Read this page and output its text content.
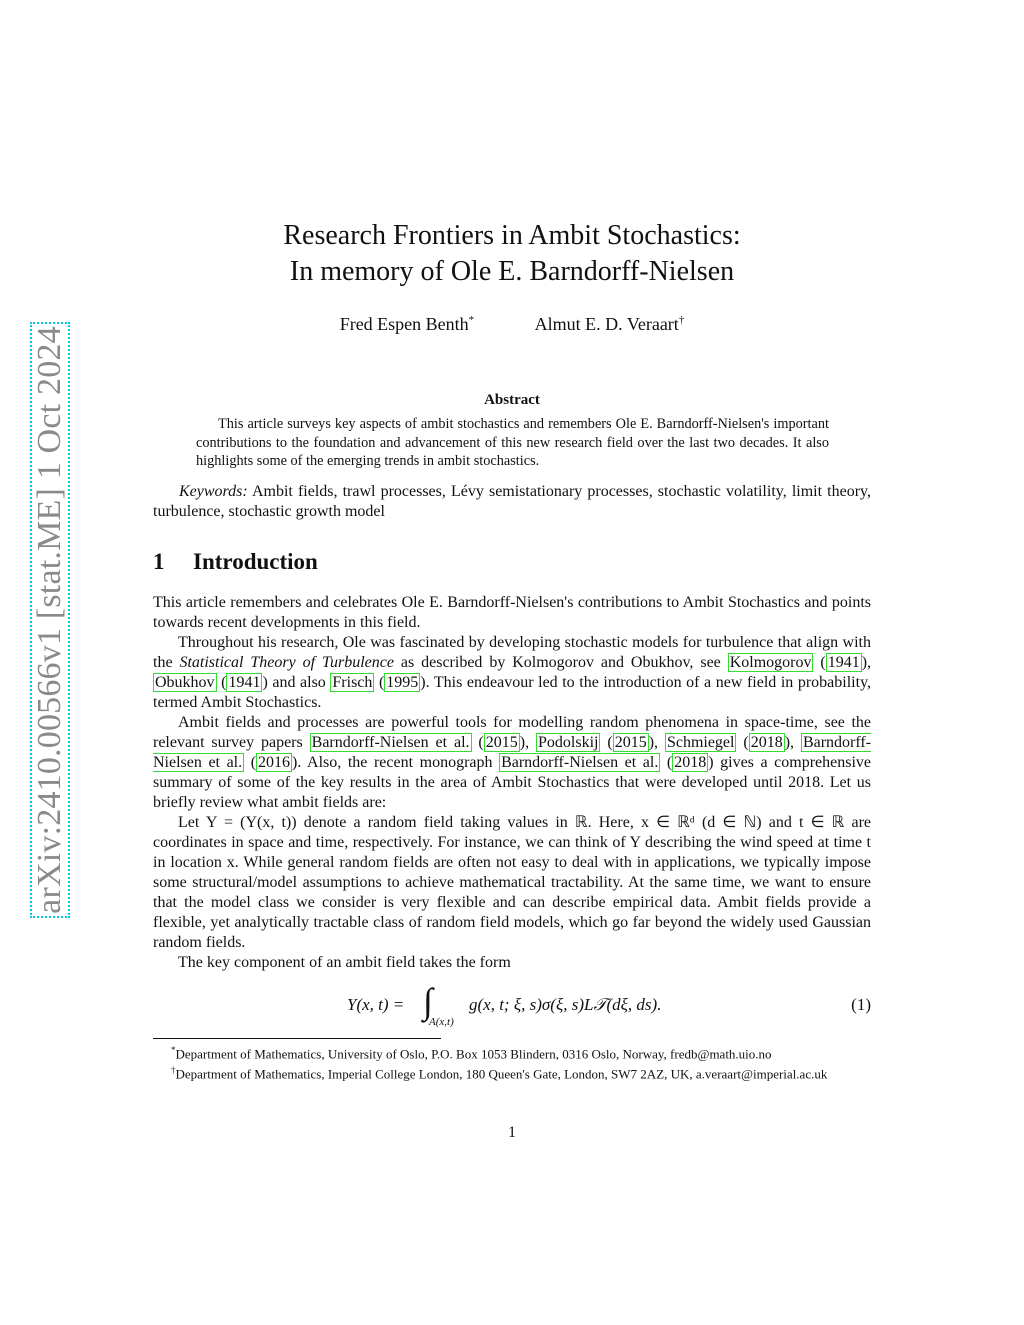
arXiv:2410.00566v1 [stat.ME] 1 Oct 2024
Research Frontiers in Ambit Stochastics:
In memory of Ole E. Barndorff-Nielsen
Fred Espen Benth*	Almut E. D. Veraart†
Abstract
This article surveys key aspects of ambit stochastics and remembers Ole E. Barndorff-Nielsen's important contributions to the foundation and advancement of this new research field over the last two decades. It also highlights some of the emerging trends in ambit stochastics.
Keywords: Ambit fields, trawl processes, Lévy semistationary processes, stochastic volatility, limit theory, turbulence, stochastic growth model
1 Introduction

This article remembers and celebrates Ole E. Barndorff-Nielsen's contributions to Ambit Stochastics and points towards recent developments in this field.

Throughout his research, Ole was fascinated by developing stochastic models for turbulence that align with the Statistical Theory of Turbulence as described by Kolmogorov and Obukhov, see Kolmogorov ( 1941 ), Obukhov ( 1941 ) and also Frisch ( 1995 ). This endeavour led to the introduction of a new field in probability, termed Ambit Stochastics.

Ambit fields and processes are powerful tools for modelling random phenomena in space-time, see the relevant survey papers Barndorff-Nielsen et al. ( 2015 ), Podolskij ( 2015 ), Schmiegel ( 2018 ), Barndorff-Nielsen et al. ( 2016 ). Also, the recent monograph Barndorff-Nielsen et al. ( 2018 ) gives a comprehensive summary of some of the key results in the area of Ambit Stochastics that were developed until 2018. Let us briefly review what ambit fields are:

Let Y = (Y(x, t)) denote a random field taking values in ℝ. Here, x ∈ ℝᵈ (d ∈ ℕ) and t ∈ ℝ are coordinates in space and time, respectively. For instance, we can think of Y describing the wind speed at time t in location x. While general random fields are often not easy to deal with in applications, we typically impose some structural/model assumptions to achieve mathematical tractability. At the same time, we want to ensure that the model class we consider is very flexible and can describe empirical data. Ambit fields provide a flexible, yet analytically tractable class of random field models, which go far beyond the widely used Gaussian random fields.

The key component of an ambit field takes the form

Y(x, t) = ∫
A(x,t)
g(x, t; ξ, s)σ(ξ, s)L𝒯(dξ, ds).	(1)

*Department of Mathematics, University of Oslo, P.O. Box 1053 Blindern, 0316 Oslo, Norway, fredb@math.uio.no

†Department of Mathematics, Imperial College London, 180 Queen's Gate, London, SW7 2AZ, UK, a.veraart@imperial.ac.uk

1
